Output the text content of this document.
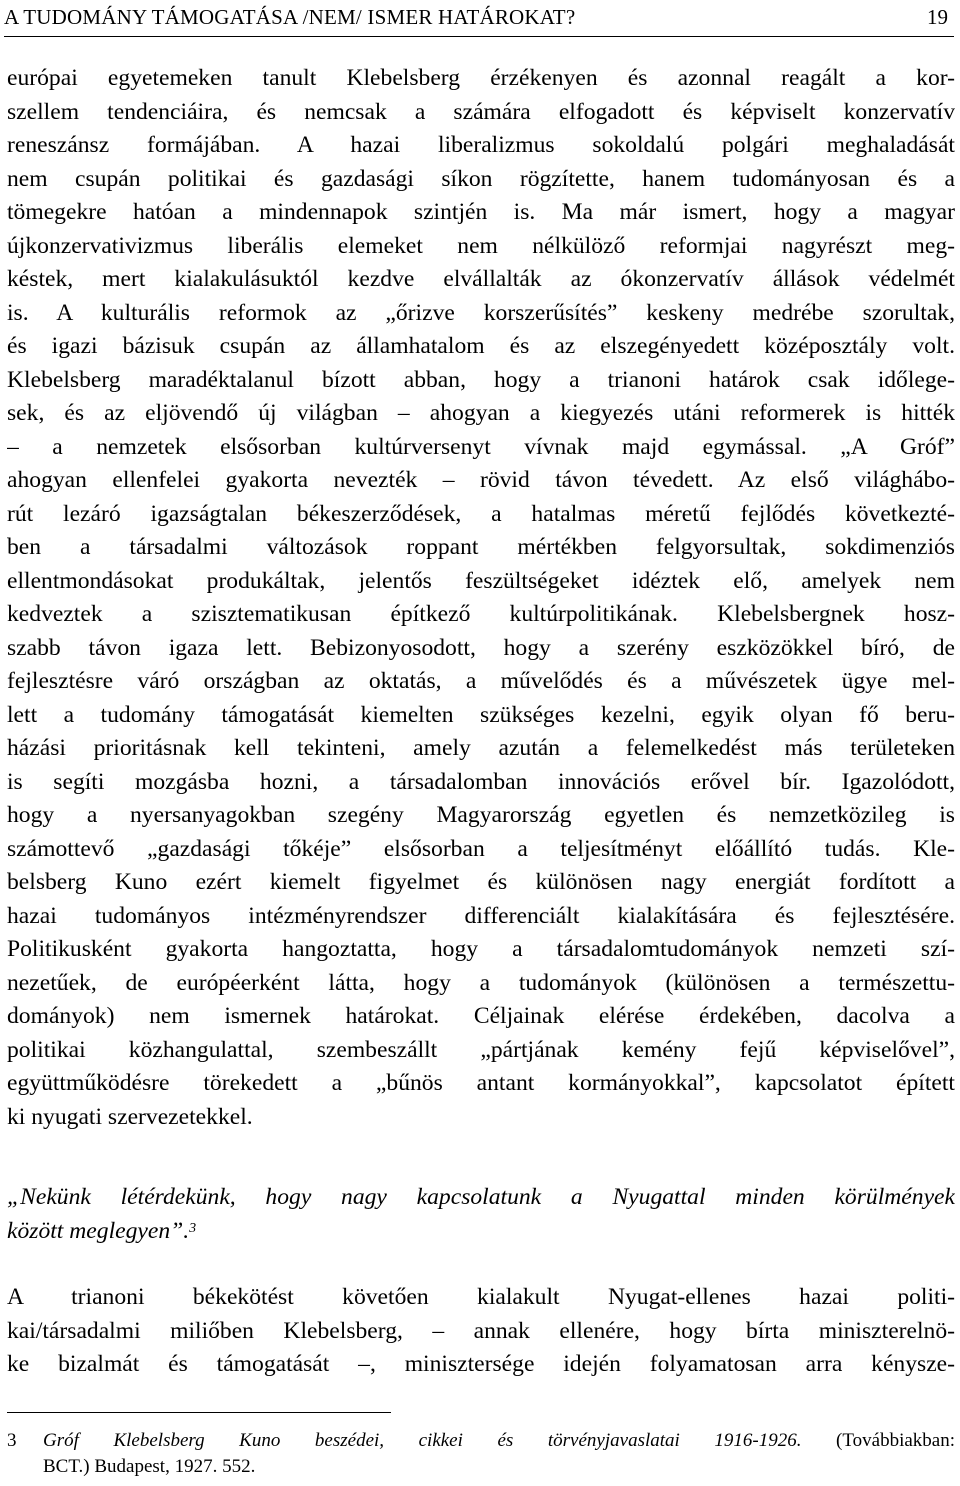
A TUDOMÁNY TÁMOGATÁSA /NEM/ ISMER HATÁROKAT?	19
európai egyetemeken tanult Klebelsberg érzékenyen és azonnal reagált a kor-
szellem tendenciáira, és nemcsak a számára elfogadott és képviselt konzervatív
reneszánsz formájában. A hazai liberalizmus sokoldalú polgári meghaladását
nem csupán politikai és gazdasági síkon rögzítette, hanem tudományosan és a
tömegekre hatóan a mindennapok szintjén is. Ma már ismert, hogy a magyar
újkonzervativizmus liberális elemeket nem nélkülöző reformjai nagyrészt meg-
késtek, mert kialakulásuktól kezdve elvállalták az ókonzervatív állások védelmét
is. A kulturális reformok az „őrizve korszerűsítés” keskeny medrébe szorultak,
és igazi bázisuk csupán az államhatalom és az elszegényedett középosztály volt.
Klebelsberg maradéktalanul bízott abban, hogy a trianoni határok csak időlege-
sek, és az eljövendő új világban – ahogyan a kiegyezés utáni reformerek is hitték
– a nemzetek elsősorban kultúrversenyt vívnak majd egymással. „A Gróf”
ahogyan ellenfelei gyakorta nevezték – rövid távon tévedett. Az első világhábo-
rút lezáró igazságtalan békeszerződések, a hatalmas méretű fejlődés következté-
ben a társadalmi változások roppant mértékben felgyorsultak, sokdimenziós
ellentmondásokat produkáltak, jelentős feszültségeket idéztek elő, amelyek nem
kedveztek a szisztematikusan építkező kultúrpolitikának. Klebelsbergnek hosz-
szabb távon igaza lett. Bebizonyosodott, hogy a szerény eszközökkel bíró, de
fejlesztésre váró országban az oktatás, a művelődés és a művészetek ügye mel-
lett a tudomány támogatását kiemelten szükséges kezelni, egyik olyan fő beru-
házási prioritásnak kell tekinteni, amely azután a felemelkedést más területeken
is segíti mozgásba hozni, a társadalomban innovációs erővel bír. Igazolódott,
hogy a nyersanyagokban szegény Magyarország egyetlen és nemzetközileg is
számottevő „gazdasági tőkéje” elsősorban a teljesítményt előállító tudás. Kle-
belsberg Kuno ezért kiemelt figyelmet és különösen nagy energiát fordított a
hazai tudományos intézményrendszer differenciált kialakítására és fejlesztésére.
Politikusként gyakorta hangoztatta, hogy a társadalomtudományok nemzeti szí-
nezetűek, de európéerként látta, hogy a tudományok (különösen a természettu-
dományok) nem ismernek határokat. Céljainak elérése érdekében, dacolva a
politikai közhangulattal, szembeszállt „pártjának kemény fejű képviselővel”,
együttműködésre törekedett a „bűnös antant kormányokkal”, kapcsolatot épített
ki nyugati szervezetekkel.
„Nekünk létérdekünk, hogy nagy kapcsolatunk a Nyugattal minden körülmények
között meglegyen”.$^3$
A trianoni békekötést követően kialakult Nyugat-ellenes hazai politi-
kai/társadalmi miliőben Klebelsberg, – annak ellenére, hogy bírta miniszterelnö-
ke bizalmát és támogatását –, minisztersége idején folyamatosan arra kénysze-
3 Gróf Klebelsberg Kuno beszédei, cikkei és törvényjavaslatai 1916-1926. (Továbbiakban:
BCT.) Budapest, 1927. 552.
